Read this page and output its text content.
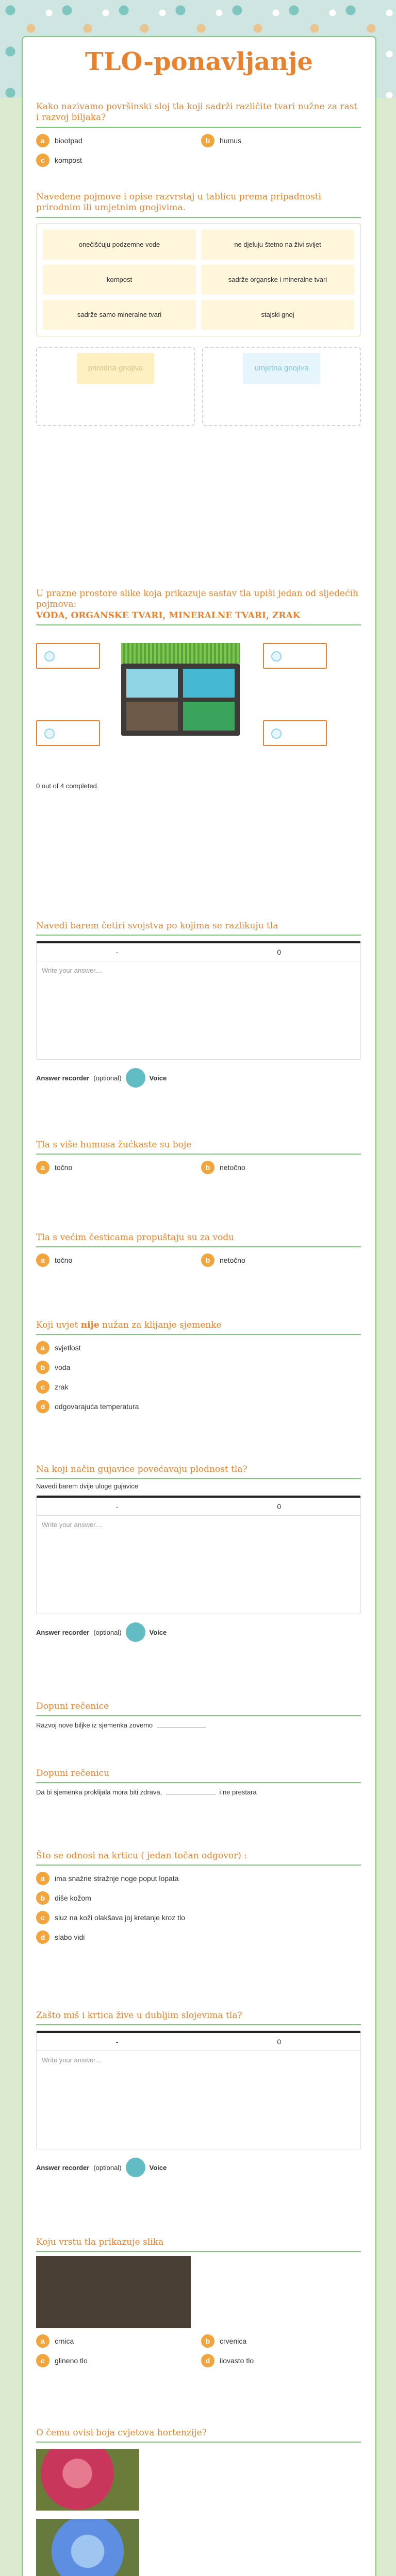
TLO-ponavljanje
Kako nazivamo površinski sloj tla koji sadrži različite tvari nužne za rast i razvoj biljaka?
a	biootpad	b	humus
c	kompost
Navedene pojmove i opise razvrstaj u tablicu prema pripadnosti prirodnim ili umjetnim gnojivima.
onečišćuju podzemne vode	ne djeluju štetno na živi svijet
kompost	sadrže organske i mineralne tvari
sadrže samo mineralne tvari	stajski gnoj
prirodna gnojiva	umjetna gnojiva
U prazne prostore slike koja prikazuje sastav tla upiši jedan od sljedećih pojmova:
VODA, ORGANSKE TVARI, MINERALNE TVARI, ZRAK
0 out of 4 completed.
Navedi barem četiri svojstva po kojima se razlikuju tla
-	0
Write your answer....
Answer recorder (optional)	Voice
Tla s više humusa žućkaste su boje
a	točno	b	netočno
Tla s većim česticama propuštaju su za vodu
a	točno	b	netočno
Koji uvjet nije nužan za klijanje sjemenke
a	svjetlost
b	voda
c	zrak
d	odgovarajuća temperatura
Na koji način gujavice povećavaju plodnost tla?
Navedi barem dvije uloge gujavice
-	0
Write your answer....
Answer recorder (optional)	Voice
Dopuni rečenice
Razvoj nove biljke iz sjemenka zovemo
Dopuni rečenicu
Da bi sjemenka proklijala mora biti zdrava,	i ne prestara
Što se odnosi na krticu ( jedan točan odgovor) :
a	ima snažne stražnje noge poput lopata
b	diše kožom
c	sluz na koži olakšava joj kretanje kroz tlo
d	slabo vidi
Zašto miš i krtica žive u dubljim slojevima tla?
-	0
Write your answer....
Answer recorder (optional)	Voice
Koju vrstu tla prikazuje slika
a	crnica	b	crvenica
c	glineno tlo	d	ilovasto tlo
O čemu ovisi boja cvjetova hortenzije?
